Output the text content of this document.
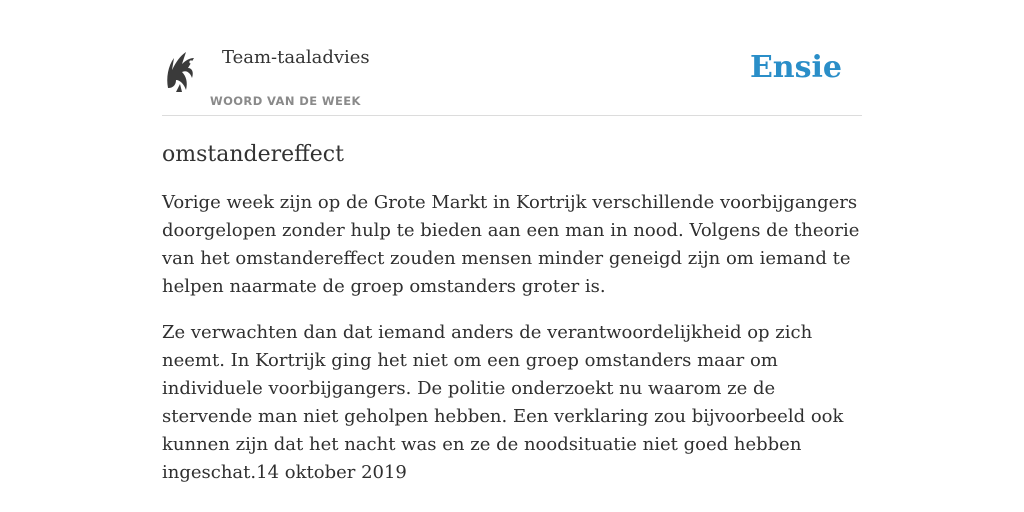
Team-taaladvies
WOORD VAN DE WEEK
Ensie
omstandereffect

Vorige week zijn op de Grote Markt in Kortrijk verschillende voorbijgangers doorgelopen zonder hulp te bieden aan een man in nood. Volgens de theorie van het omstandereffect zouden mensen minder geneigd zijn om iemand te helpen naarmate de groep omstanders groter is.

Ze verwachten dan dat iemand anders de verantwoordelijkheid op zich neemt. In Kortrijk ging het niet om een groep omstanders maar om individuele voorbijgangers. De politie onderzoekt nu waarom ze de stervende man niet geholpen hebben. Een verklaring zou bijvoorbeeld ook kunnen zijn dat het nacht was en ze de noodsituatie niet goed hebben ingeschat.14 oktober 2019
